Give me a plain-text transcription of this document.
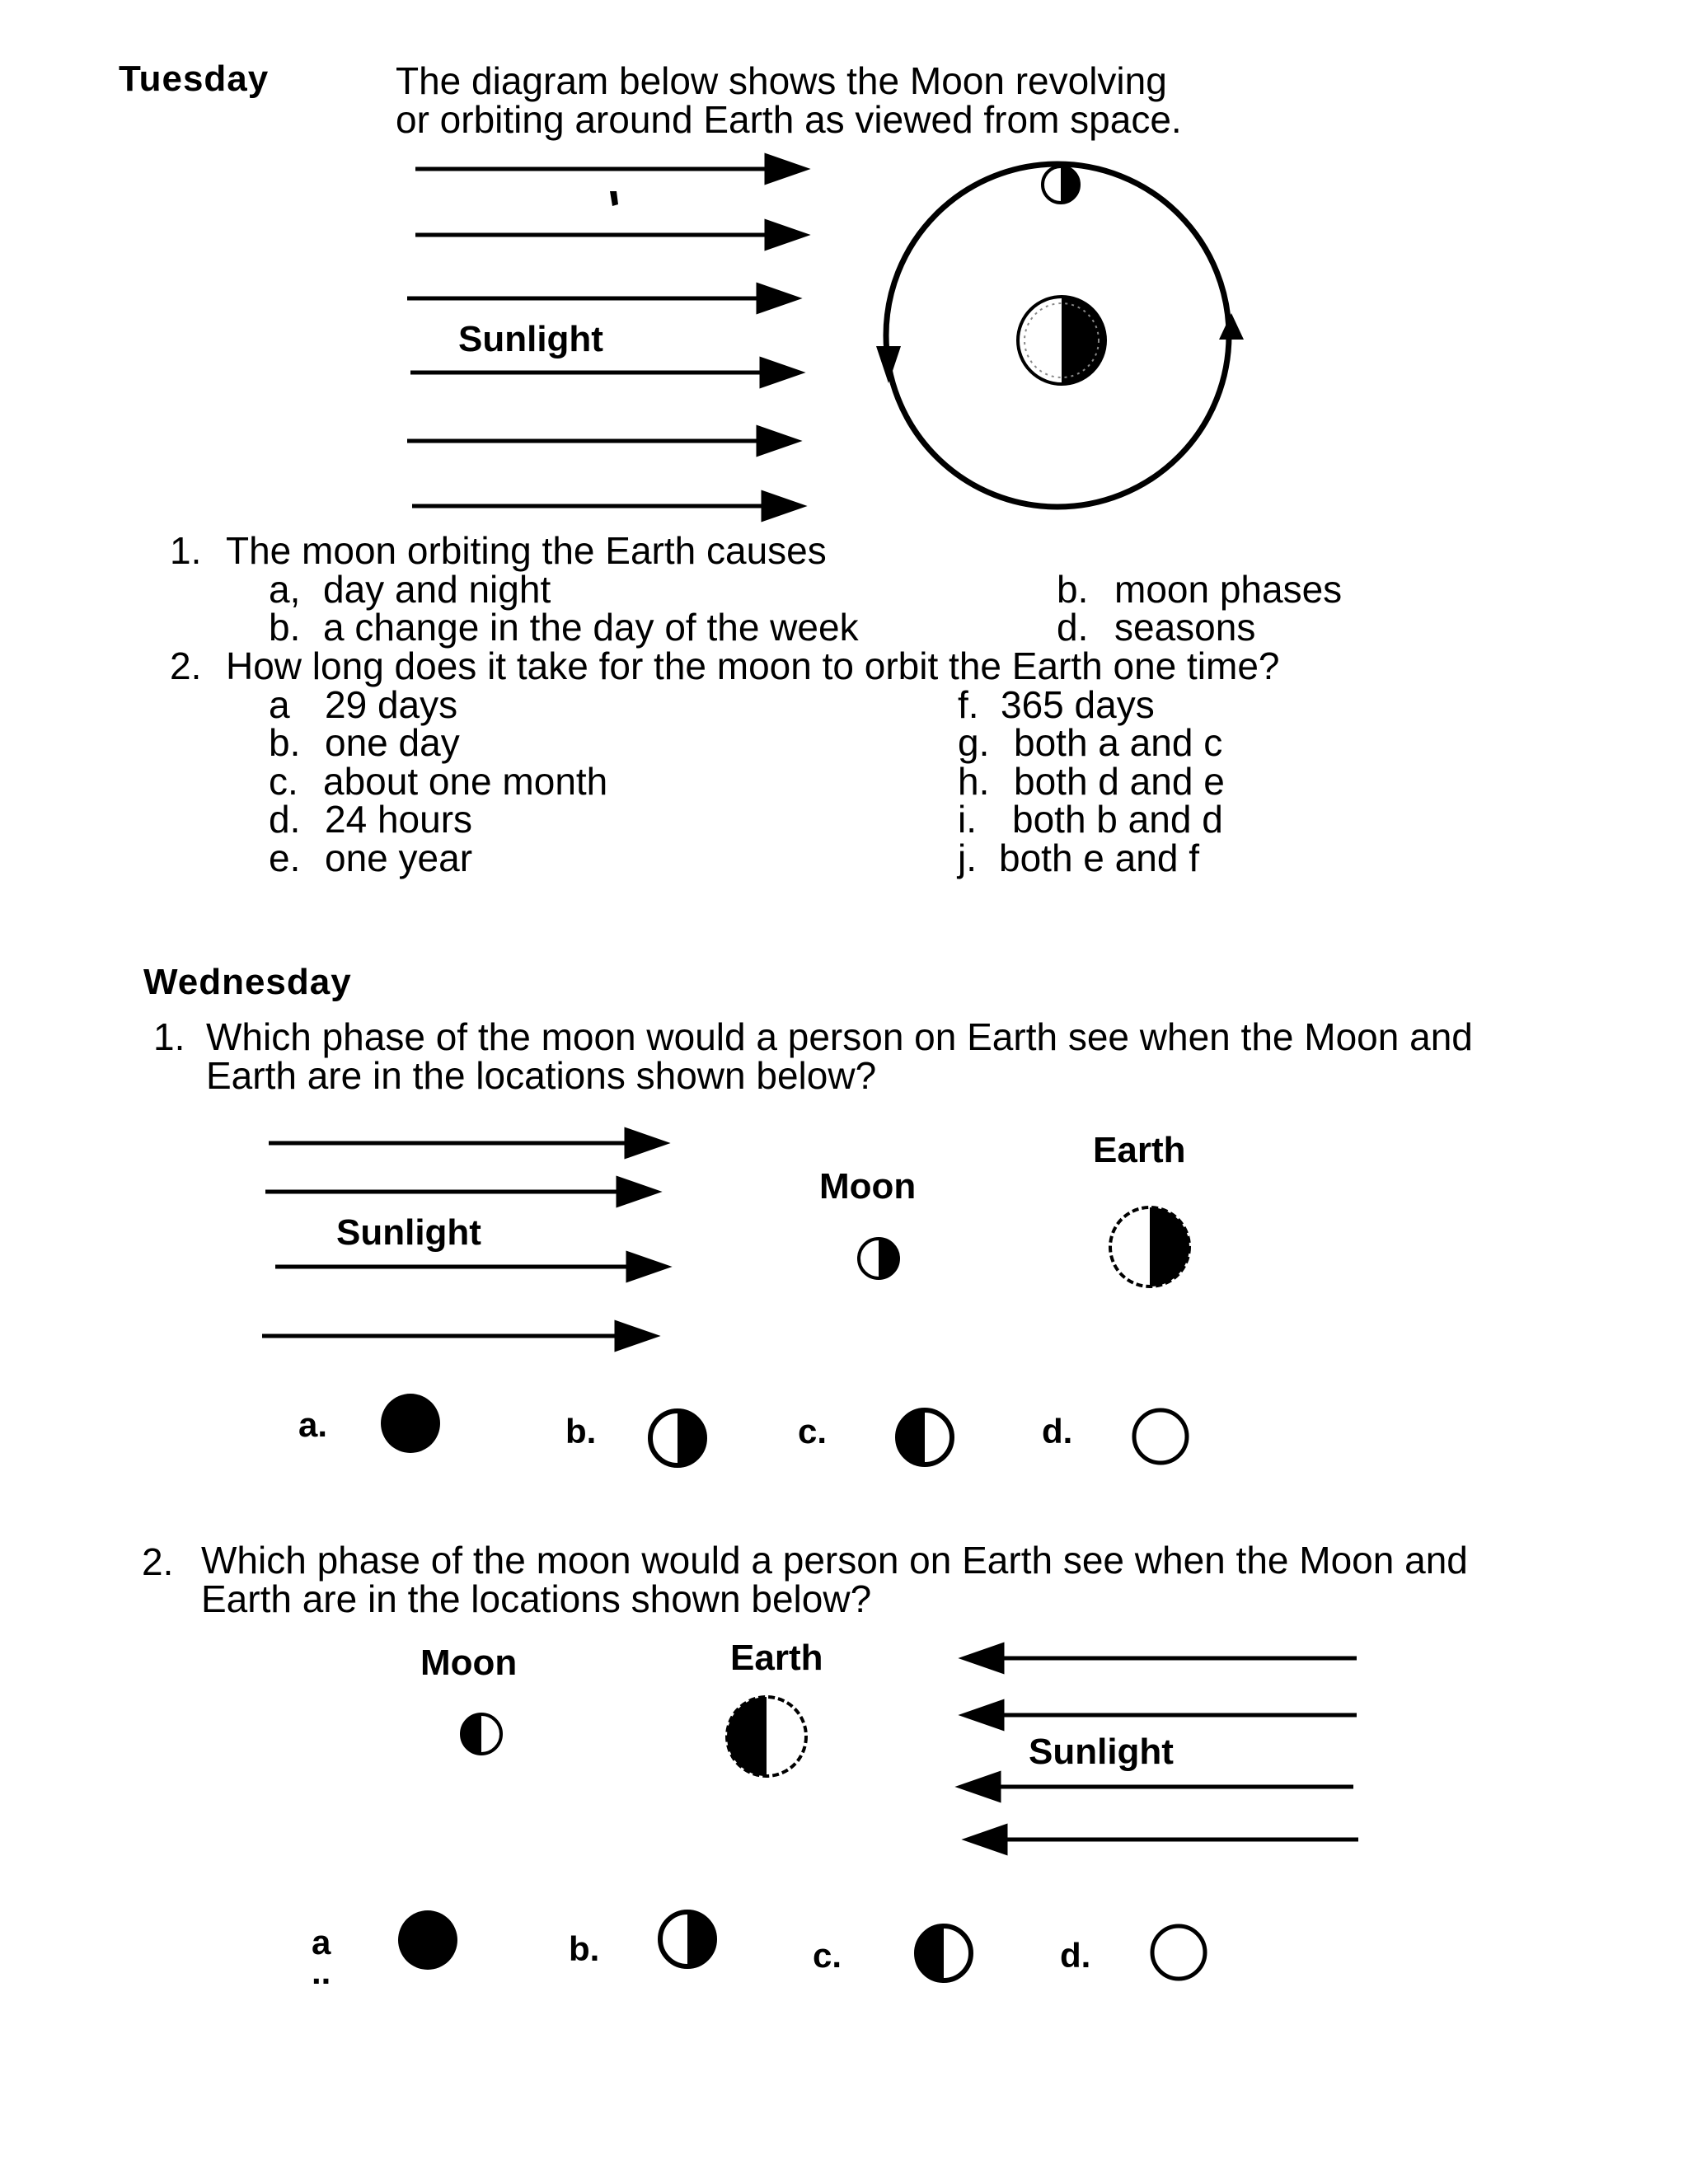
Tuesday	The diagram below shows the Moon revolving
or orbiting around Earth as viewed from space.
Sunlight
1. The moon orbiting the Earth causes
a, day and night	b. moon phases
b. a change in the day of the week	d. seasons
2. How long does it take for the moon to orbit the Earth one time?
a 29 days
b. one day
c. about one month
d. 24 hours
e. one year
f. 365 days
g. both a and c
h. both d and e
i. both b and d
j. both e and f
Wednesday
1. Which phase of the moon would a person on Earth see when the Moon and
Earth are in the locations shown below?
Earth
Moon
Sunlight
a.	b.	c.	d.
2. Which phase of the moon would a person on Earth see when the Moon and
Earth are in the locations shown below?
Moon	Earth
Sunlight
a
..
b.	c.	d.
